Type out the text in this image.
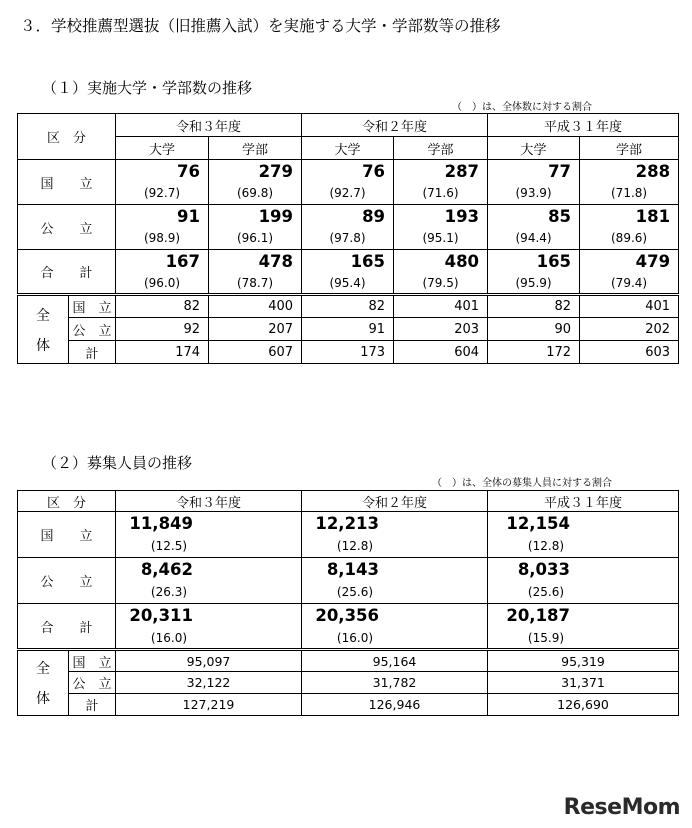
３．学校推薦型選抜（旧推薦入試）を実施する大学・学部数等の推移
（１）実施大学・学部数の推移
（　）は、全体数に対する割合
区　分		令和３年度		令和２年度		平成３１年度	
		大学	学部	大学	学部	大学	学部
国　　立		76	279	76	287	77	288
		(92.7)	(69.8)	(92.7)	(71.6)	(93.9)	(71.8)
公　　立		91	199	89	193	85	181
		(98.9)	(96.1)	(97.8)	(95.1)	(94.4)	(89.6)
合　　計		167	478	165	480	165	479
		(96.0)	(78.7)	(95.4)	(79.5)	(95.9)	(79.4)

全
体	国　立	82	400	82	401	82	401
	公　立	92	207	91	203	90	202
	計	174	607	173	604	172	603
（２）募集人員の推移
（　）は、全体の募集人員に対する割合
区　分		令和３年度	令和２年度	平成３１年度
国　　立		11,849	12,213	12,154
		(12.5)	(12.8)	(12.8)
公　　立		8,462	8,143	8,033
		(26.3)	(25.6)	(25.6)
合　　計		20,311	20,356	20,187
		(16.0)	(16.0)	(15.9)

全
体	国　立	95,097	95,164	95,319
	公　立	32,122	31,782	31,371
	計	127,219	126,946	126,690
ReseMom
